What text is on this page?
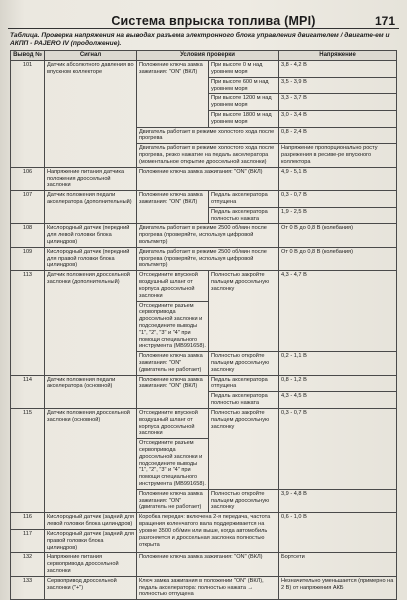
Система впрыска топлива (MPI)	171
Таблица. Проверка напряжения на выводах разъема электронного блока управления двигателем / двигате-ем и АКПП - PAJERO IV (продолжение).
Вывод №	Сигнал	Условия проверки		Напряжение
101	Датчик абсолютного давления во впускном коллекторе	Положение ключа замка зажигания: "ON" (ВКЛ)	При высоте 0 м над уровнем моря	3,8 - 4,2 В
			При высоте 600 м над уровнем моря	3,5 - 3,9 В
			При высоте 1200 м над уровнем моря	3,3 - 3,7 В
			При высоте 1800 м над уровнем моря	3,0 - 3,4 В
		Двигатель работает в режиме холостого хода после прогрева		0,8 - 2,4 В
		Двигатель работает в режиме холостого хода после прогрева, резко нажатие на педаль акселератора (моментальное открытие дроссельной заслонки)		Напряжение пропорционально росту разрежения в ресиве-ре впускного коллектора
106	Напряжение питания датчика положения дроссельной заслонки	Положение ключа замка зажигания: "ON" (ВКЛ)		4,9 - 5,1 В
107	Датчик положения педали акселератора (дополнительный)	Положение ключа замка зажигания: "ON" (ВКЛ)	Педаль акселератора отпущена	0,3 - 0,7 В
			Педаль акселератора полностью нажата	1,9 - 2,5 В
108	Кислородный датчик (передний для левой головки блока цилиндров)	Двигатель работает в режиме 2500 об/мин после прогрева (проверяйте, используя цифровой вольтметр)		От 0 В до 0,8 В (колебания)
109	Кислородный датчик (передний для правой головки блока цилиндров)	Двигатель работает в режиме 2500 об/мин после прогрева (проверяйте, используя цифровой вольтметр)		От 0 В до 0,8 В (колебания)
113	Датчик положения дроссельной заслонки (дополнительный)	Отсоедините впускной воздушный шланг от корпуса дроссельной заслонки	Полностью закройте пальцем дроссельную заслонку	4,3 - 4,7 В
		Отсоедините разъем сервопривода дроссельной заслонки и подсоедините выводы "1", "2", "3" и "4" при помощи специального инструмента (MB991658).		
		Положение ключа замка зажигания: "ON" (двигатель не работает)	Полностью откройте пальцем дроссельную заслонку	0,2 - 1,1 В
114	Датчик положения педали акселератора (основной)	Положение ключа замка зажигания: "ON" (ВКЛ)	Педаль акселератора отпущена	0,8 - 1,2 В
			Педаль акселератора полностью нажата	4,3 - 4,5 В
115	Датчик положения дроссельной заслонки (основной)	Отсоедините впускной воздушный шланг от корпуса дроссельной заслонки	Полностью закройте пальцем дроссельную заслонку	0,3 - 0,7 В
		Отсоедините разъем сервопривода дроссельной заслонки и подсоедините выводы "1", "2", "3" и "4" при помощи специального инструмента (MB991658).		
		Положение ключа замка зажигания: "ON" (двигатель не работает)	Полностью откройте пальцем дроссельную заслонку	3,9 - 4,8 В
116	Кислородный датчик (задний для левой головки блока цилиндров)	Коробка передач: включена 2-я передача, частота вращения коленчатого вала поддерживается на уровне 3500 об/мин или выше, когда автомобиль разгоняется и дроссельная заслонка полностью открыта		0,6 - 1,0 В
117	Кислородный датчик (задний для правой головки блока цилиндров)			
132	Напряжение питания сервопривода дроссельной заслонки	Положение ключа замка зажигания: "ON" (ВКЛ)		Бортсети
133	Сервопривод дроссельной заслонки ("+")	Ключ замка зажигания в положении "ON" (ВКЛ), педаль акселератора: полностью нажата → полностью отпущена		Незначительно уменьшается (примерно на 2 В) от напряжения АКБ
